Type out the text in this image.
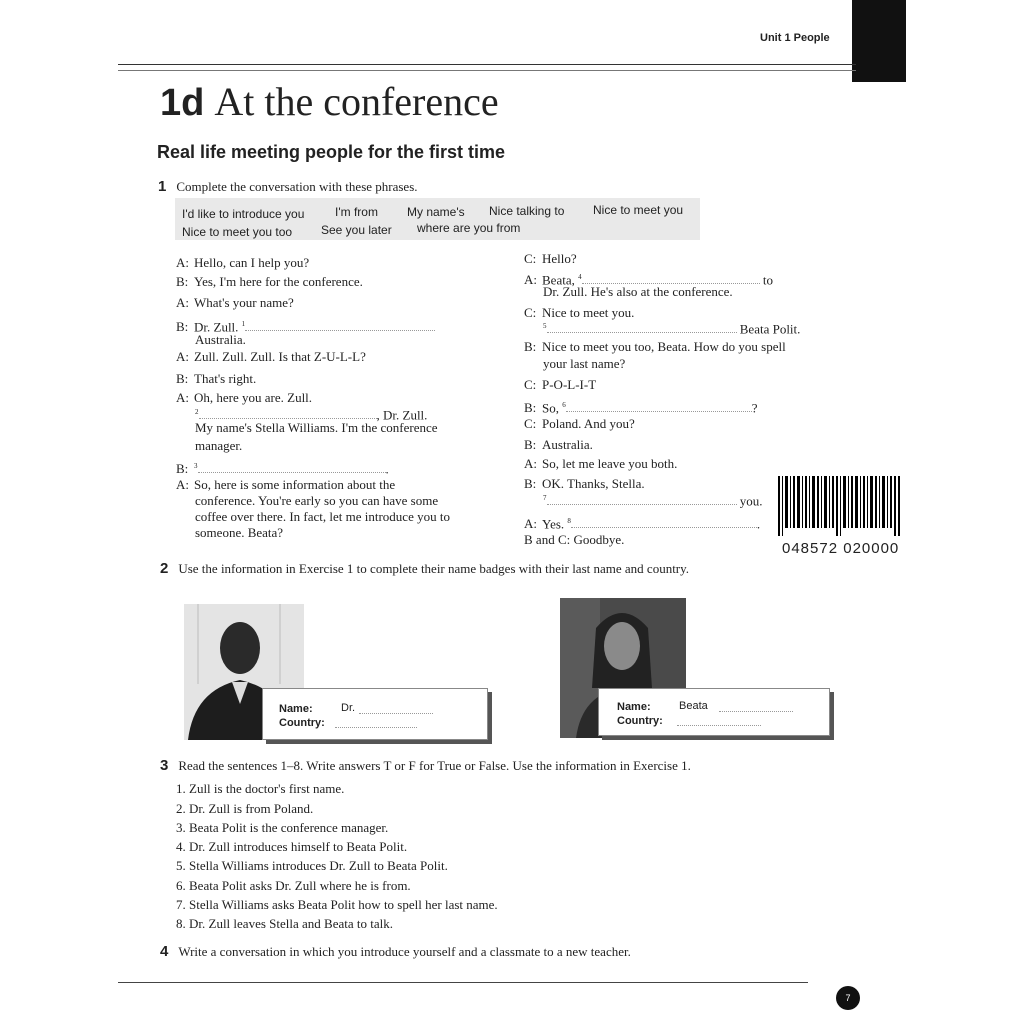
Unit 1 People
1d At the conference
Real life meeting people for the first time
1 Complete the conversation with these phrases.
I'd like to introduce you	I'm from My name's Nice talking to Nice to meet you
Nice to meet you too See you later where are you from
A: Hello, can I help you?
B: Yes, I'm here for the conference.
A: What's your name?
B: Dr. Zull. $^1$
Australia.
A: Zull. Zull. Zull. Is that Z-U-L-L?
B: That's right.
A: Oh, here you are. Zull.
$^2$	, Dr. Zull.
My name's Stella Williams. I'm the conference
manager.
B: $^3$	.
A: So, here is some information about the
conference. You're early so you can have some
coffee over there. In fact, let me introduce you to
someone. Beata?
C: Hello?
A: Beata, $^4$	to
Dr. Zull. He's also at the conference.
C: Nice to meet you.
$^5$	Beata Polit.
B: Nice to meet you too, Beata. How do you spell
your last name?
C: P-O-L-I-T
B: So, $^6$	?
C: Poland. And you?
B: Australia.
A: So, let me leave you both.
B: OK. Thanks, Stella.
$^7$	you.
A: Yes. $^8$	.
B and C: Goodbye.
048572 020000
2 Use the information in Exercise 1 to complete their name badges with their last name and country.
Name:	Dr.
Country:
Name:	Beata
Country:
3 Read the sentences 1–8. Write answers T or F for True or False. Use the information in Exercise 1.
1. Zull is the doctor's first name.
2. Dr. Zull is from Poland.
3. Beata Polit is the conference manager.
4. Dr. Zull introduces himself to Beata Polit.
5. Stella Williams introduces Dr. Zull to Beata Polit.
6. Beata Polit asks Dr. Zull where he is from.
7. Stella Williams asks Beata Polit how to spell her last name.
8. Dr. Zull leaves Stella and Beata to talk.
4 Write a conversation in which you introduce yourself and a classmate to a new teacher.
7
